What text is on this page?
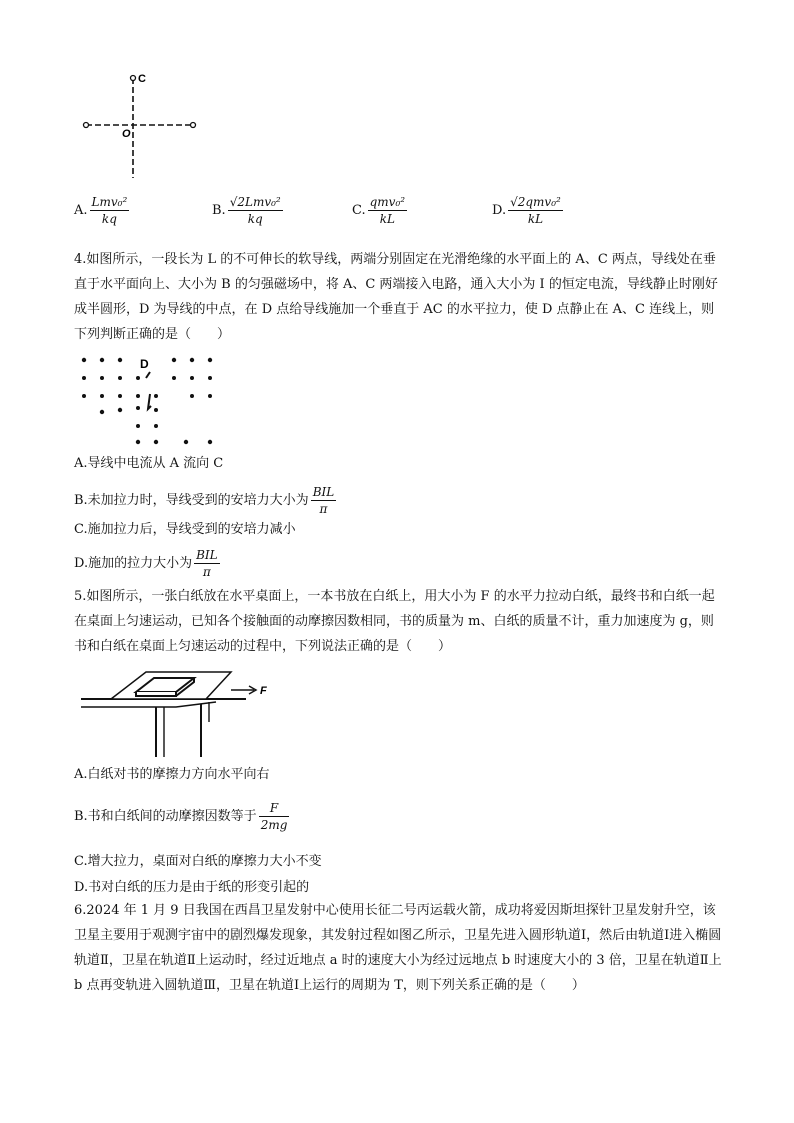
C
O
A. $\frac{\text{Lmv₀²}}{kq}$	B. $\frac{\text{√2Lmv₀²}}{kq}$	C. $\frac{\text{qmv₀²}}{kL}$	D. $\frac{\text{√2qmv₀²}}{kL}$
4.如图所示，一段长为 L 的不可伸长的软导线，两端分别固定在光滑绝缘的水平面上的 A、C 两点，导线处在垂直于水平面向上、大小为 B 的匀强磁场中，将 A、C 两端接入电路，通入大小为 I 的恒定电流，导线静止时刚好成半圆形，D 为导线的中点，在 D 点给导线施加一个垂直于 AC 的水平拉力，使 D 点静止在 A、C 连线上，则下列判断正确的是（　　）
D
A.导线中电流从 A 流向 C
B.未加拉力时，导线受到的安培力大小为 $\frac{\text{BIL}}{\pi}$
C.施加拉力后，导线受到的安培力减小
D.施加的拉力大小为 $\frac{\text{BIL}}{\pi}$
5.如图所示，一张白纸放在水平桌面上，一本书放在白纸上，用大小为 F 的水平力拉动白纸，最终书和白纸一起在桌面上匀速运动，已知各个接触面的动摩擦因数相同，书的质量为 m、白纸的质量不计，重力加速度为 g，则书和白纸在桌面上匀速运动的过程中，下列说法正确的是（　　）
F
A.白纸对书的摩擦力方向水平向右
B.书和白纸间的动摩擦因数等于 $\frac{F}{2mg}$
C.增大拉力，桌面对白纸的摩擦力大小不变
D.书对白纸的压力是由于纸的形变引起的
6.2024 年 1 月 9 日我国在西昌卫星发射中心使用长征二号丙运载火箭，成功将爱因斯坦探针卫星发射升空，该卫星主要用于观测宇宙中的剧烈爆发现象，其发射过程如图乙所示，卫星先进入圆形轨道Ⅰ，然后由轨道Ⅰ进入椭圆轨道Ⅱ，卫星在轨道Ⅱ上运动时，经过近地点 a 时的速度大小为经过远地点 b 时速度大小的 3 倍，卫星在轨道Ⅱ上 b 点再变轨进入圆轨道Ⅲ，卫星在轨道Ⅰ上运行的周期为 T，则下列关系正确的是（　　）
